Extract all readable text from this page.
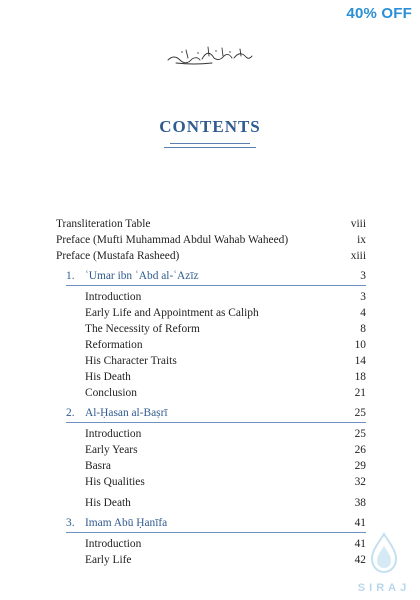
40% OFF
CONTENTS
Transliteration Table	viii
Preface (Mufti Muhammad Abdul Wahab Waheed)	ix
Preface (Mustafa Rasheed)	xiii
1. ʿUmar ibn ʿAbd al-ʿAzīz	3
Introduction	3
Early Life and Appointment as Caliph	4
The Necessity of Reform	8
Reformation	10
His Character Traits	14
His Death	18
Conclusion	21
2. Al-Ḥasan al-Baṣrī	25
Introduction	25
Early Years	26
Basra	29
His Qualities	32
His Death	38
3. Imam Abū Ḥanīfa	41
Introduction	41
Early Life	42
SIRAJ
